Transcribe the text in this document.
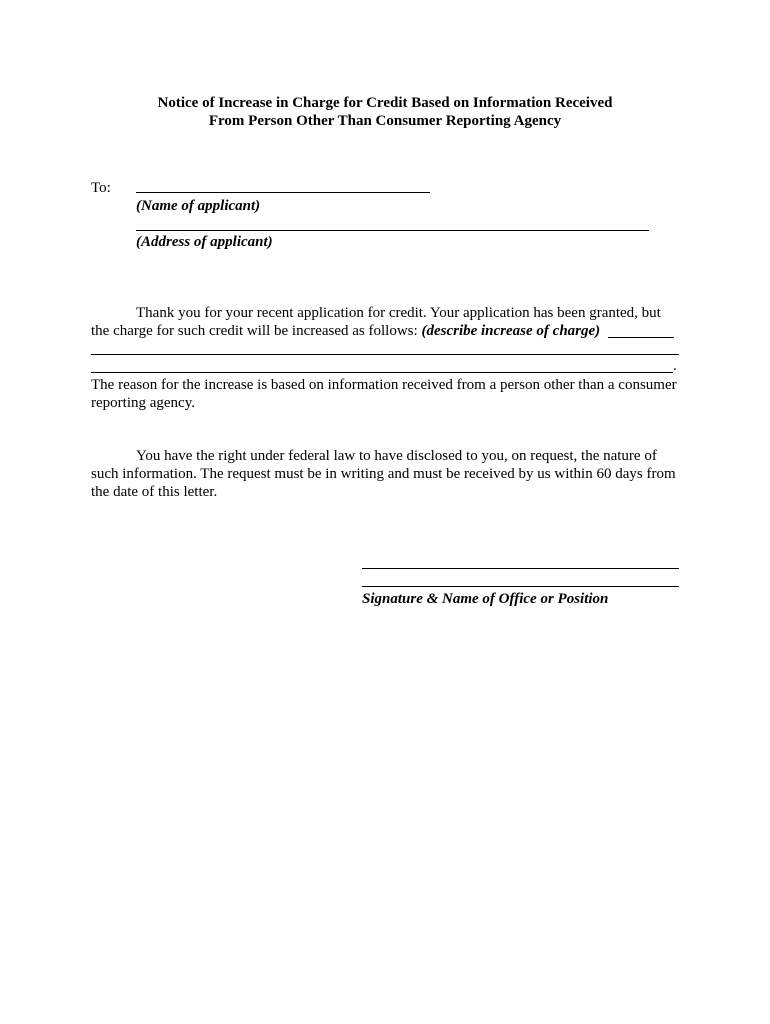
Notice of Increase in Charge for Credit Based on Information Received
From Person Other Than Consumer Reporting Agency
To:
(Name of applicant)
(Address of applicant)
Thank you for your recent application for credit. Your application has been granted, but
the charge for such credit will be increased as follows: (describe increase of charge)
.
The reason for the increase is based on information received from a person other than a consumer reporting agency.
You have the right under federal law to have disclosed to you, on request, the nature of such information. The request must be in writing and must be received by us within 60 days from the date of this letter.
Signature & Name of Office or Position
